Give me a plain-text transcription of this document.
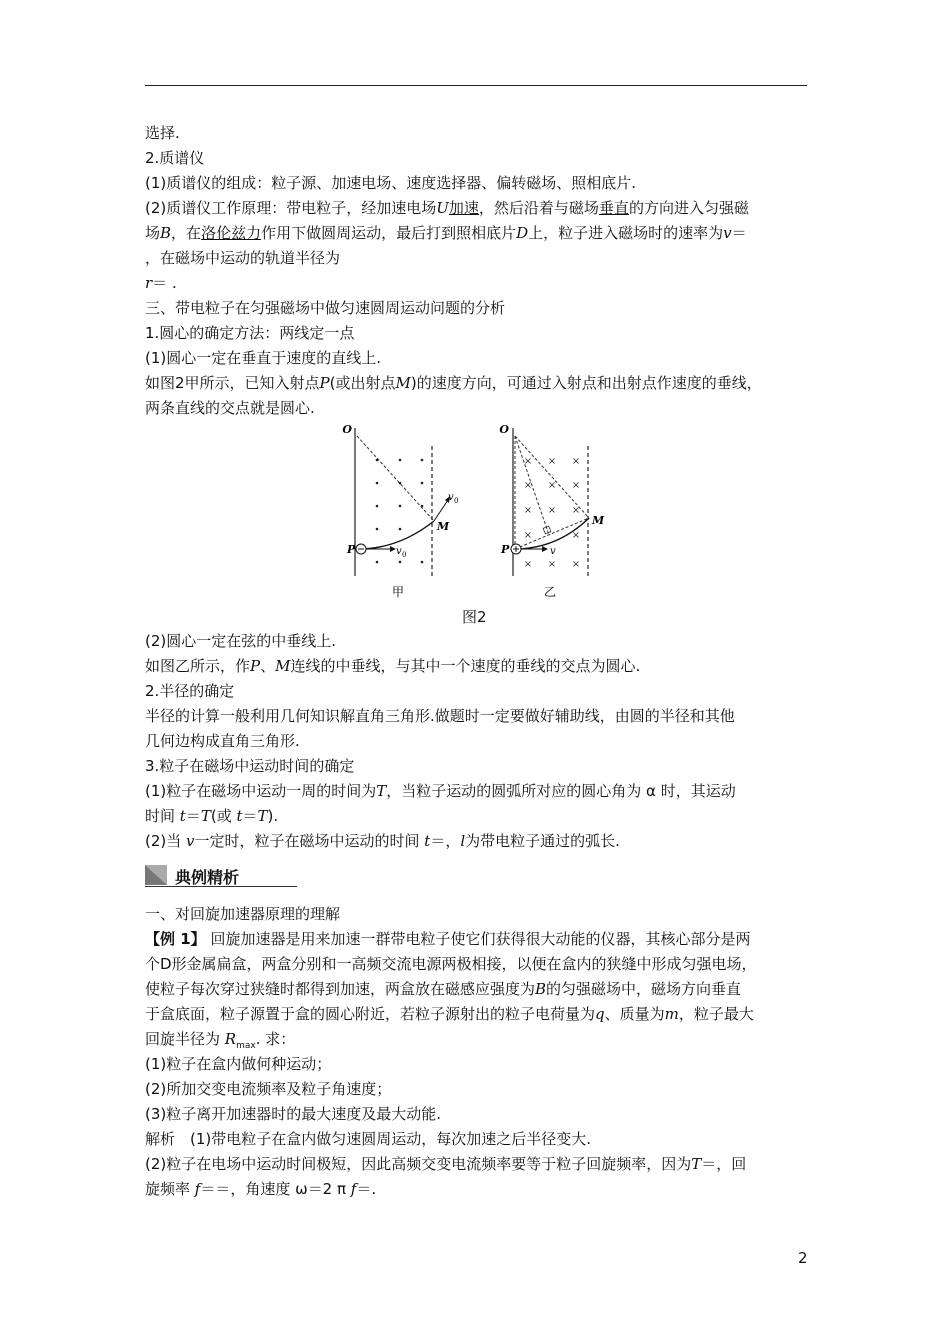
选择.
2.质谱仪
(1)质谱仪的组成：粒子源、加速电场、速度选择器、偏转磁场、照相底片.
(2)质谱仪工作原理：带电粒子，经加速电场U加速，然后沿着与磁场垂直的方向进入匀强磁
场B，在洛伦兹力作用下做圆周运动，最后打到照相底片D上，粒子进入磁场时的速率为v＝
，在磁场中运动的轨道半径为
r＝ .
三、带电粒子在匀强磁场中做匀速圆周运动问题的分析
1.圆心的确定方法：两线定一点
(1)圆心一定在垂直于速度的直线上.
如图2甲所示，已知入射点P(或出射点M)的速度方向，可通过入射点和出射点作速度的垂线，
两条直线的交点就是圆心.
O
P
M
v 0
v 0
甲
O
× × ×
× × ×
× × ×
×	×
× × ×
P
M
v
乙
图2
(2)圆心一定在弦的中垂线上.
如图乙所示，作P、M连线的中垂线，与其中一个速度的垂线的交点为圆心.
2.半径的确定
半径的计算一般利用几何知识解直角三角形.做题时一定要做好辅助线，由圆的半径和其他
几何边构成直角三角形.
3.粒子在磁场中运动时间的确定
(1)粒子在磁场中运动一周的时间为T，当粒子运动的圆弧所对应的圆心角为 α 时，其运动
时间 t＝T(或 t＝T).
(2)当 v一定时，粒子在磁场中运动的时间 t＝，l为带电粒子通过的弧长.
典例精析
一、对回旋加速器原理的理解
【例 1】 回旋加速器是用来加速一群带电粒子使它们获得很大动能的仪器，其核心部分是两
个D形金属扁盒，两盒分别和一高频交流电源两极相接，以便在盒内的狭缝中形成匀强电场，
使粒子每次穿过狭缝时都得到加速，两盒放在磁感应强度为B的匀强磁场中，磁场方向垂直
于盒底面，粒子源置于盒的圆心附近，若粒子源射出的粒子电荷量为q、质量为m，粒子最大
回旋半径为 $R_{max}$. 求：
(1)粒子在盒内做何种运动；
(2)所加交变电流频率及粒子角速度；
(3)粒子离开加速器时的最大速度及最大动能.
解析　(1)带电粒子在盒内做匀速圆周运动，每次加速之后半径变大.
(2)粒子在电场中运动时间极短，因此高频交变电流频率要等于粒子回旋频率，因为T＝，回
旋频率 f＝＝，角速度 ω＝2 π f＝.
2
